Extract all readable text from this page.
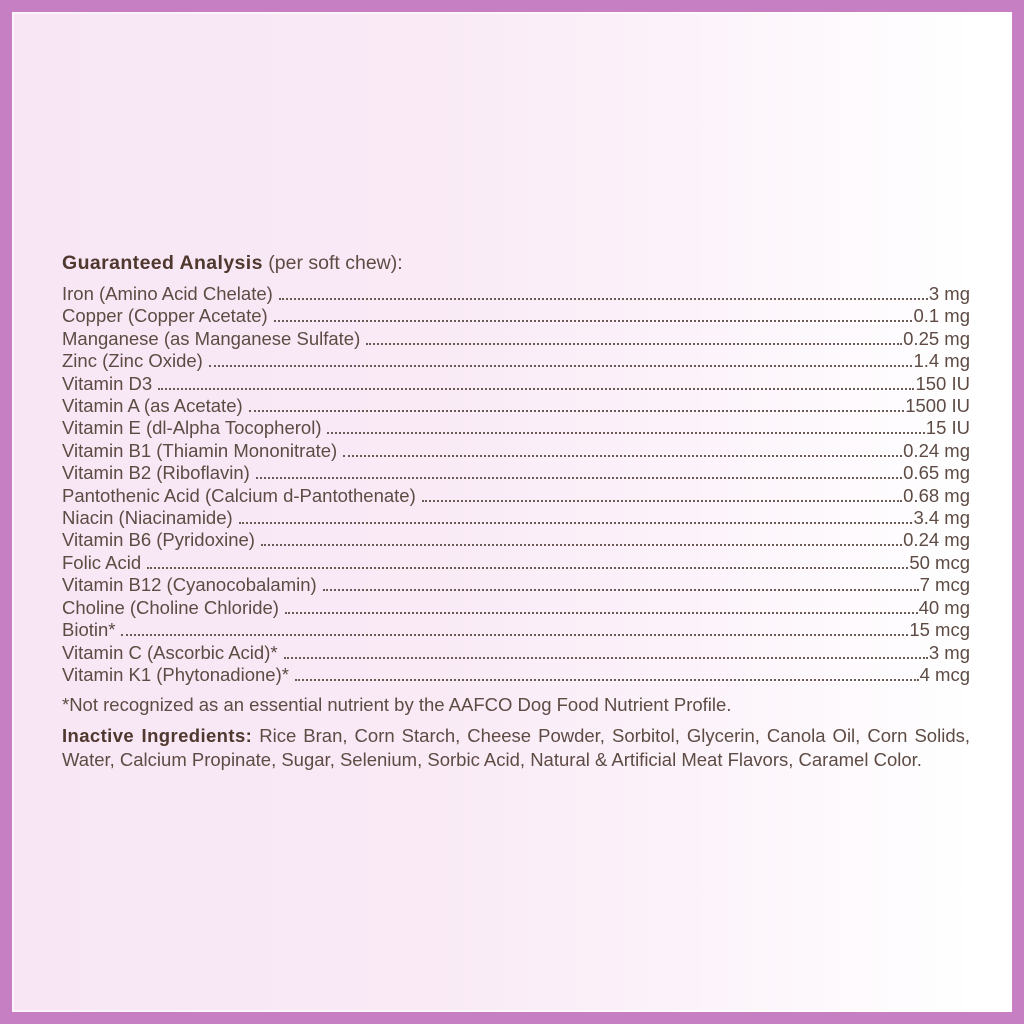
Guaranteed Analysis (per soft chew):

Iron (Amino Acid Chelate)	3 mg
Copper (Copper Acetate)	0.1 mg
Manganese (as Manganese Sulfate)	0.25 mg
Zinc (Zinc Oxide)	1.4 mg
Vitamin D3	150 IU
Vitamin A (as Acetate)	1500 IU
Vitamin E (dl-Alpha Tocopherol)	15 IU
Vitamin B1 (Thiamin Mononitrate)	0.24 mg
Vitamin B2 (Riboflavin)	0.65 mg
Pantothenic Acid (Calcium d-Pantothenate)	0.68 mg
Niacin (Niacinamide)	3.4 mg
Vitamin B6 (Pyridoxine)	0.24 mg
Folic Acid	50 mcg
Vitamin B12 (Cyanocobalamin)	7 mcg
Choline (Choline Chloride)	40 mg
Biotin*	15 mcg
Vitamin C (Ascorbic Acid)*	3 mg
Vitamin K1 (Phytonadione)*	4 mcg

*Not recognized as an essential nutrient by the AAFCO Dog Food Nutrient Profile.

Inactive Ingredients: Rice Bran, Corn Starch, Cheese Powder, Sorbitol, Glycerin, Canola Oil, Corn Solids, Water, Calcium Propinate, Sugar, Selenium, Sorbic Acid, Natural & Artificial Meat Flavors, Caramel Color.
